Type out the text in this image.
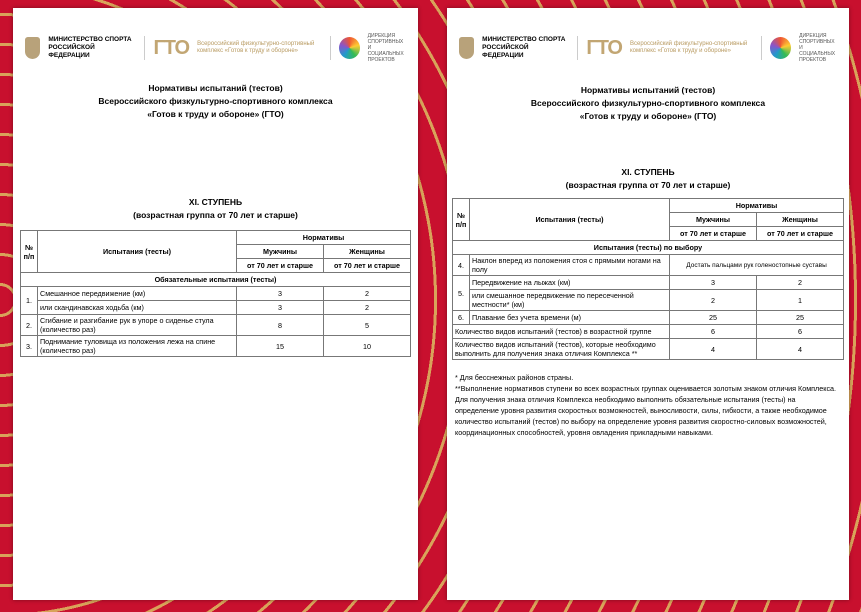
МИНИСТЕРСТВО СПОРТА РОССИЙСКОЙ ФЕДЕРАЦИИ	ГТО Всероссийский физкультурно-спортивный комплекс «Готов к труду и обороне»
ДИРЕКЦИЯ СПОРТИВНЫХ И СОЦИАЛЬНЫХ ПРОЕКТОВ
Нормативы испытаний (тестов)
Всероссийского физкультурно-спортивного комплекса
«Готов к труду и обороне» (ГТО)
XI. СТУПЕНЬ
(возрастная группа от 70 лет и старше)
№ п/п	Испытания (тесты)	Нормативы	
		Мужчины	Женщины
		от 70 лет и старше	от 70 лет и старше
Обязательные испытания (тесты)			
1.	Смешанное передвижение (км)	3	2
	или скандинавская ходьба (км)	3	2
2.	Сгибание и разгибание рук в упоре о сиденье стула (количество раз)	8	5
3.	Поднимание туловища из положения лежа на спине (количество раз)	15	10
МИНИСТЕРСТВО СПОРТА РОССИЙСКОЙ ФЕДЕРАЦИИ	ГТО Всероссийский физкультурно-спортивный комплекс «Готов к труду и обороне»
ДИРЕКЦИЯ СПОРТИВНЫХ И СОЦИАЛЬНЫХ ПРОЕКТОВ
Нормативы испытаний (тестов)
Всероссийского физкультурно-спортивного комплекса
«Готов к труду и обороне» (ГТО)
XI. СТУПЕНЬ
(возрастная группа от 70 лет и старше)
№ п/п	Испытания (тесты)	Нормативы	
		Мужчины	Женщины
		от 70 лет и старше	от 70 лет и старше
Испытания (тесты) по выбору			
4.	Наклон вперед из положения стоя с прямыми ногами на полу	Достать пальцами рук голеностопные суставы	
5.	Передвижение на лыжах (км)	3	2
	или смешанное передвижение по пересеченной местности* (км)	2	1
6.	Плавание без учета времени (м)	25	25
Количество видов испытаний (тестов) в возрастной группе		6	6
Количество видов испытаний (тестов), которые необходимо выполнить для получения знака отличия Комплекса **		4	4
* Для бесснежных районов страны.
**Выполнение нормативов ступени во всех возрастных группах оценивается золотым знаком отличия Комплекса. Для получения знака отличия Комплекса необходимо выполнить обязательные испытания (тесты) на определение уровня развития скоростных возможностей, выносливости, силы, гибкости, а также необходимое количество испытаний (тестов) по выбору на определение уровня развития скоростно-силовых возможностей, координационных способностей, уровня овладения прикладными навыками.
